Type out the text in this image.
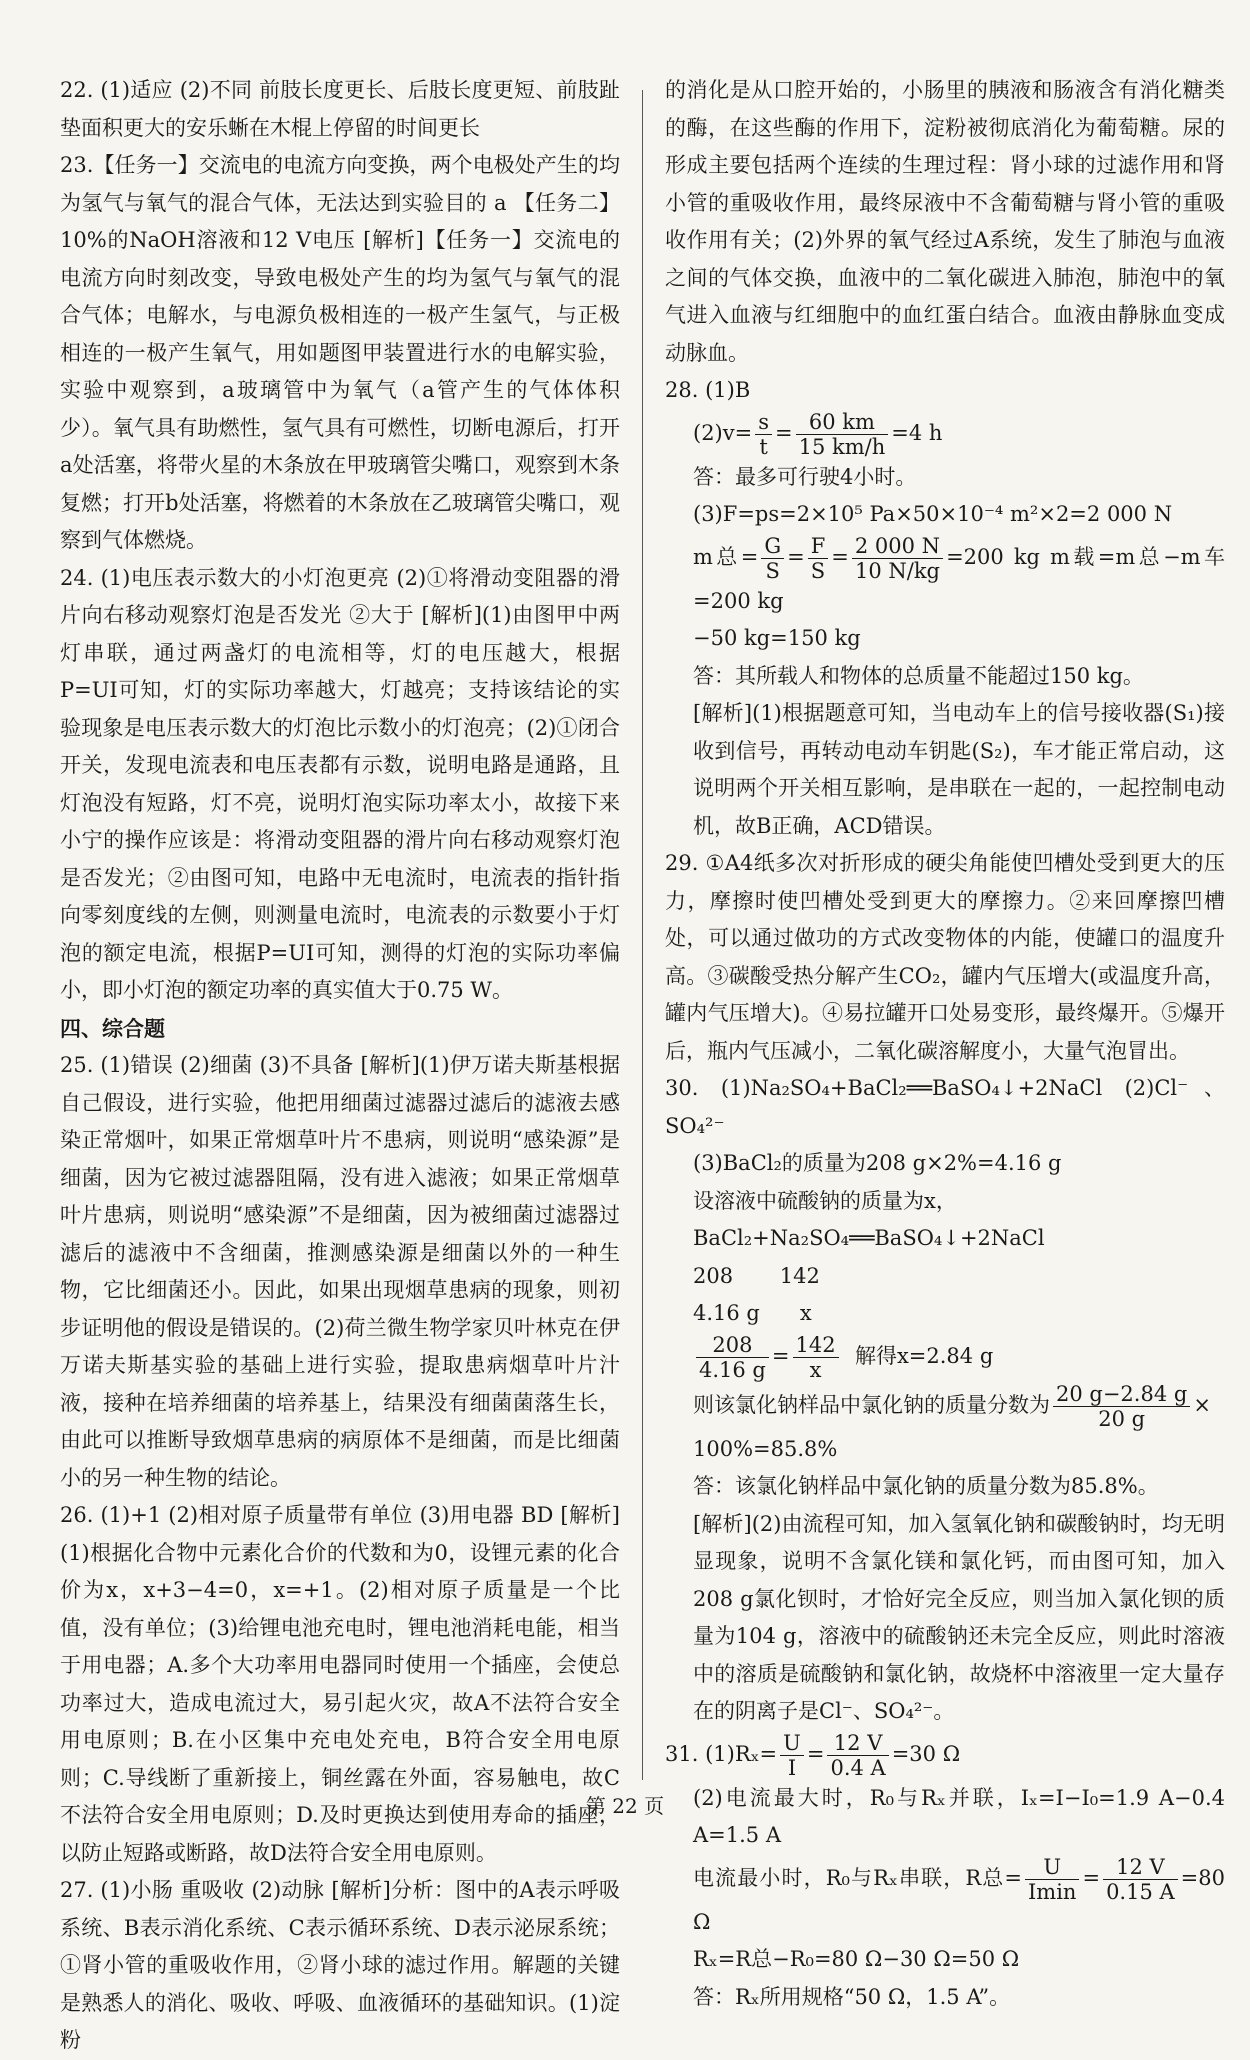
22. (1)适应 (2)不同 前肢长度更长、后肢长度更短、前肢趾垫面积更大的安乐蜥在木棍上停留的时间更长

23.【任务一】交流电的电流方向变换，两个电极处产生的均为氢气与氧气的混合气体，无法达到实验目的 a 【任务二】10%的NaOH溶液和12 V电压 [解析]【任务一】交流电的电流方向时刻改变，导致电极处产生的均为氢气与氧气的混合气体；电解水，与电源负极相连的一极产生氢气，与正极相连的一极产生氧气，用如题图甲装置进行水的电解实验，实验中观察到，a玻璃管中为氧气（a管产生的气体体积少）。氧气具有助燃性，氢气具有可燃性，切断电源后，打开a处活塞，将带火星的木条放在甲玻璃管尖嘴口，观察到木条复燃；打开b处活塞，将燃着的木条放在乙玻璃管尖嘴口，观察到气体燃烧。

24. (1)电压表示数大的小灯泡更亮 (2)①将滑动变阻器的滑片向右移动观察灯泡是否发光 ②大于 [解析](1)由图甲中两灯串联，通过两盏灯的电流相等，灯的电压越大，根据P=UI可知，灯的实际功率越大，灯越亮；支持该结论的实验现象是电压表示数大的灯泡比示数小的灯泡亮；(2)①闭合开关，发现电流表和电压表都有示数，说明电路是通路，且灯泡没有短路，灯不亮，说明灯泡实际功率太小，故接下来小宁的操作应该是：将滑动变阻器的滑片向右移动观察灯泡是否发光；②由图可知，电路中无电流时，电流表的指针指向零刻度线的左侧，则测量电流时，电流表的示数要小于灯泡的额定电流，根据P=UI可知，测得的灯泡的实际功率偏小，即小灯泡的额定功率的真实值大于0.75 W。

四、综合题

25. (1)错误 (2)细菌 (3)不具备 [解析](1)伊万诺夫斯基根据自己假设，进行实验，他把用细菌过滤器过滤后的滤液去感染正常烟叶，如果正常烟草叶片不患病，则说明“感染源”是细菌，因为它被过滤器阻隔，没有进入滤液；如果正常烟草叶片患病，则说明“感染源”不是细菌，因为被细菌过滤器过滤后的滤液中不含细菌，推测感染源是细菌以外的一种生物，它比细菌还小。因此，如果出现烟草患病的现象，则初步证明他的假设是错误的。(2)荷兰微生物学家贝叶林克在伊万诺夫斯基实验的基础上进行实验，提取患病烟草叶片汁液，接种在培养细菌的培养基上，结果没有细菌菌落生长，由此可以推断导致烟草患病的病原体不是细菌，而是比细菌小的另一种生物的结论。

26. (1)+1 (2)相对原子质量带有单位 (3)用电器 BD [解析](1)根据化合物中元素化合价的代数和为0，设锂元素的化合价为x，x+3−4=0，x=+1。(2)相对原子质量是一个比值，没有单位；(3)给锂电池充电时，锂电池消耗电能，相当于用电器；A.多个大功率用电器同时使用一个插座，会使总功率过大，造成电流过大，易引起火灾，故A不法符合安全用电原则；B.在小区集中充电处充电，B符合安全用电原则；C.导线断了重新接上，铜丝露在外面，容易触电，故C不法符合安全用电原则；D.及时更换达到使用寿命的插座，以防止短路或断路，故D法符合安全用电原则。

27. (1)小肠 重吸收 (2)动脉 [解析]分析：图中的A表示呼吸系统、B表示消化系统、C表示循环系统、D表示泌尿系统；①肾小管的重吸收作用，②肾小球的滤过作用。解题的关键是熟悉人的消化、吸收、呼吸、血液循环的基础知识。(1)淀粉

的消化是从口腔开始的，小肠里的胰液和肠液含有消化糖类的酶，在这些酶的作用下，淀粉被彻底消化为葡萄糖。尿的形成主要包括两个连续的生理过程：肾小球的过滤作用和肾小管的重吸收作用，最终尿液中不含葡萄糖与肾小管的重吸收作用有关；(2)外界的氧气经过A系统，发生了肺泡与血液之间的气体交换，血液中的二氧化碳进入肺泡，肺泡中的氧气进入血液与红细胞中的血红蛋白结合。血液由静脉血变成动脉血。

28. (1)B

$(2)v= \frac{s}{t} = \frac{60 km}{15 km/h} =4$ h

答：最多可行驶4小时。

(3)F=ps=2×10⁵ Pa×50×10⁻⁴ m²×2=2 000 N

m总= $\frac{G}{S} = \frac{F}{S} = \frac{2 000 N}{10 N/kg} =200$ kg m载=m总−m车=200 kg

−50 kg=150 kg

答：其所载人和物体的总质量不能超过150 kg。

[解析](1)根据题意可知，当电动车上的信号接收器(S₁)接收到信号，再转动电动车钥匙(S₂)，车才能正常启动，这说明两个开关相互影响，是串联在一起的，一起控制电动机，故B正确，ACD错误。

29. ①A4纸多次对折形成的硬尖角能使凹槽处受到更大的压力，摩擦时使凹槽处受到更大的摩擦力。②来回摩擦凹槽处，可以通过做功的方式改变物体的内能，使罐口的温度升高。③碳酸受热分解产生CO₂，罐内气压增大(或温度升高，罐内气压增大)。④易拉罐开口处易变形，最终爆开。⑤爆开后，瓶内气压减小，二氧化碳溶解度小，大量气泡冒出。

30. (1)Na₂SO₄+BaCl₂══BaSO₄↓+2NaCl (2)Cl⁻、SO₄²⁻

(3)BaCl₂的质量为208 g×2%=4.16 g

设溶液中硫酸钠的质量为x，

BaCl₂+Na₂SO₄══BaSO₄↓+2NaCl

208       142

4.16 g      x

$\frac{208}{4.16 g} = \frac{142}{x}$ 解得x=2.84 g

则该氯化钠样品中氯化钠的质量分数为 $\frac{20 g-2.84 g}{20 g}$ ×

100%=85.8%

答：该氯化钠样品中氯化钠的质量分数为85.8%。

[解析](2)由流程可知，加入氢氧化钠和碳酸钠时，均无明显现象，说明不含氯化镁和氯化钙，而由图可知，加入208 g氯化钡时，才恰好完全反应，则当加入氯化钡的质量为104 g，溶液中的硫酸钠还未完全反应，则此时溶液中的溶质是硫酸钠和氯化钠，故烧杯中溶液里一定大量存在的阴离子是Cl⁻、SO₄²⁻。

31. $(1)R_x= \frac{U}{I} = \frac{12 V}{0.4 A} =30$ Ω

(2)电流最大时，R₀与Rₓ并联，Iₓ=I−I₀=1.9 A−0.4 A=1.5 A

电流最小时，R₀与Rₓ串联，R总= $\frac{U}{Imin} = \frac{12 V}{0.15 A} =80$ Ω

Rₓ=R总−R₀=80 Ω−30 Ω=50 Ω

答：Rₓ所用规格“50 Ω，1.5 A”。

第 22 页
